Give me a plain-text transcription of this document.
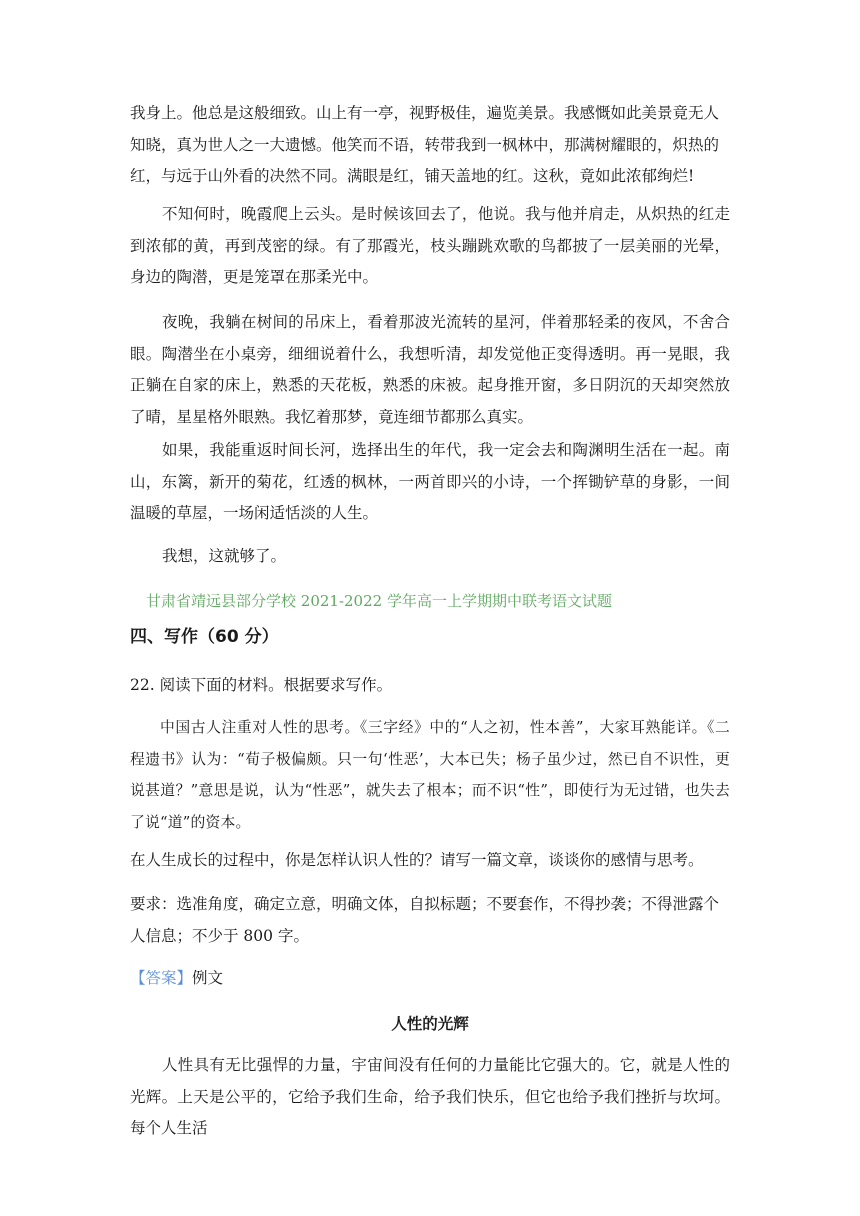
我身上。他总是这般细致。山上有一亭，视野极佳，遍览美景。我感慨如此美景竟无人知晓，真为世人之一大遗憾。他笑而不语，转带我到一枫林中，那满树耀眼的，炽热的红，与远于山外看的决然不同。满眼是红，铺天盖地的红。这秋，竟如此浓郁绚烂!

不知何时，晚霞爬上云头。是时候该回去了，他说。我与他并肩走，从炽热的红走到浓郁的黄，再到茂密的绿。有了那霞光，枝头蹦跳欢歌的鸟都披了一层美丽的光晕，身边的陶潜，更是笼罩在那柔光中。

夜晚，我躺在树间的吊床上，看着那波光流转的星河，伴着那轻柔的夜风，不舍合眼。陶潜坐在小桌旁，细细说着什么，我想听清，却发觉他正变得透明。再一晃眼，我正躺在自家的床上，熟悉的天花板，熟悉的床被。起身推开窗，多日阴沉的天却突然放了晴，星星格外眼熟。我忆着那梦，竟连细节都那么真实。

如果，我能重返时间长河，选择出生的年代，我一定会去和陶渊明生活在一起。南山，东篱，新开的菊花，红透的枫林，一两首即兴的小诗，一个挥锄铲草的身影，一间温暖的草屋，一场闲适恬淡的人生。

我想，这就够了。

甘肃省靖远县部分学校 2021-2022 学年高一上学期期中联考语文试题

四、写作（60 分）

22. 阅读下面的材料。根据要求写作。

中国古人注重对人性的思考。《三字经》中的“人之初，性本善”，大家耳熟能详。《二程遗书》认为：“荀子极偏颇。只一句‘性恶’，大本已失；杨子虽少过，然已自不识性，更说甚道？”意思是说，认为“性恶”，就失去了根本；而不识“性”，即使行为无过错，也失去了说“道”的资本。

在人生成长的过程中，你是怎样认识人性的？请写一篇文章，谈谈你的感情与思考。

要求：选准角度，确定立意，明确文体，自拟标题；不要套作，不得抄袭；不得泄露个人信息；不少于 800 字。

【答案】例文

人性的光辉

人性具有无比强悍的力量，宇宙间没有任何的力量能比它强大的。它，就是人性的光辉。上天是公平的，它给予我们生命，给予我们快乐，但它也给予我们挫折与坎坷。每个人生活
